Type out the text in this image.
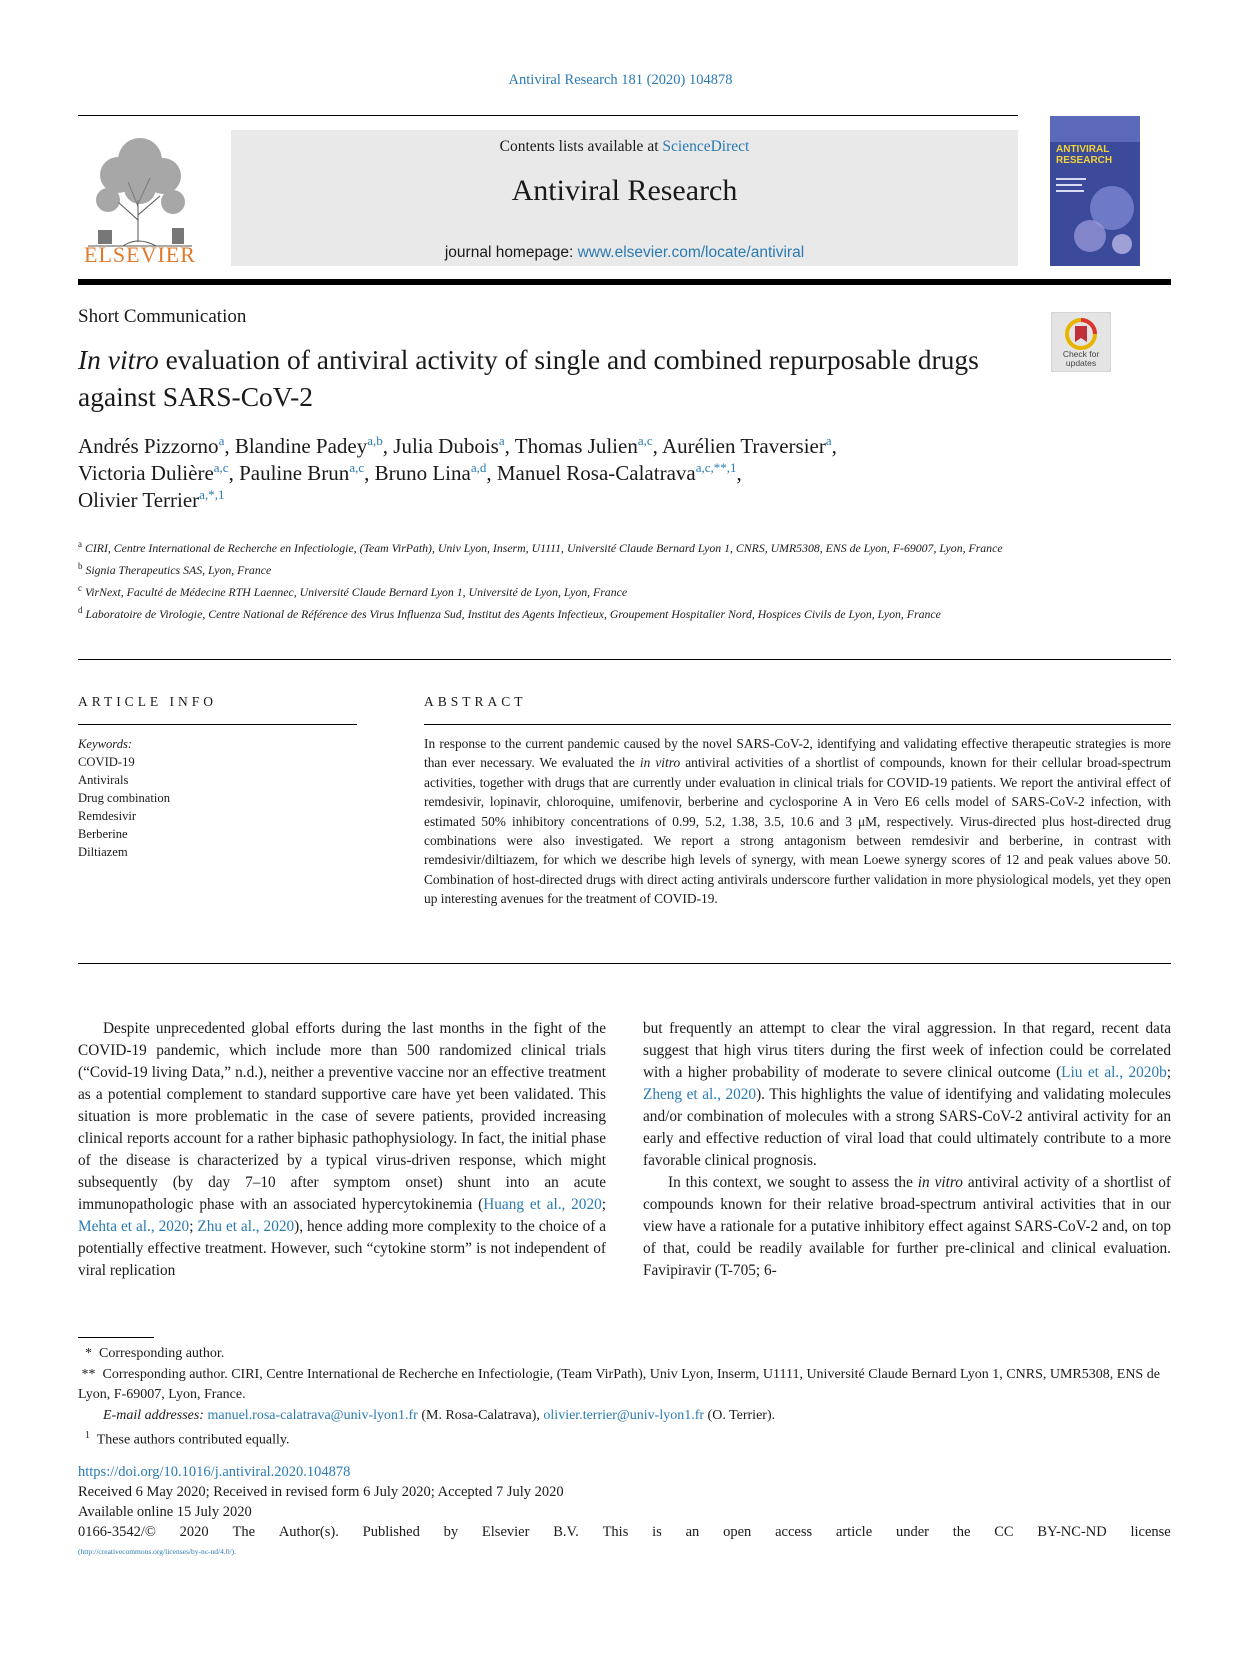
Antiviral Research 181 (2020) 104878
ELSEVIER
Contents lists available at ScienceDirect
Antiviral Research
journal homepage: www.elsevier.com/locate/antiviral
ANTIVIRAL RESEARCH
Short Communication
Check for updates
In vitro evaluation of antiviral activity of single and combined repurposable drugs against SARS-CoV-2
Andrés Pizzorno$^a$, Blandine Padey$^{a,b}$, Julia Dubois$^a$, Thomas Julien$^{a,c}$, Aurélien Traversier$^a$,
Victoria Dulière$^{a,c}$, Pauline Brun$^{a,c}$, Bruno Lina$^{a,d}$, Manuel Rosa-Calatrava$^{a,c,**,1}$,
Olivier Terrier$^{a,*,1}$

$^a$ CIRI, Centre International de Recherche en Infectiologie, (Team VirPath), Univ Lyon, Inserm, U1111, Université Claude Bernard Lyon 1, CNRS, UMR5308, ENS de Lyon, F-69007, Lyon, France

$^b$ Signia Therapeutics SAS, Lyon, France

$^c$ VirNext, Faculté de Médecine RTH Laennec, Université Claude Bernard Lyon 1, Université de Lyon, Lyon, France

$^d$ Laboratoire de Virologie, Centre National de Référence des Virus Influenza Sud, Institut des Agents Infectieux, Groupement Hospitalier Nord, Hospices Civils de Lyon, Lyon, France

ARTICLE INFO

Keywords:

COVID-19

Antivirals

Drug combination

Remdesivir

Berberine

Diltiazem

ABSTRACT
In response to the current pandemic caused by the novel SARS-CoV-2, identifying and validating effective therapeutic strategies is more than ever necessary. We evaluated the in vitro antiviral activities of a shortlist of compounds, known for their cellular broad-spectrum activities, together with drugs that are currently under evaluation in clinical trials for COVID-19 patients. We report the antiviral effect of remdesivir, lopinavir, chloroquine, umifenovir, berberine and cyclosporine A in Vero E6 cells model of SARS-CoV-2 infection, with estimated 50% inhibitory concentrations of 0.99, 5.2, 1.38, 3.5, 10.6 and 3 μM, respectively. Virus-directed plus host-directed drug combinations were also investigated. We report a strong antagonism between remdesivir and berberine, in contrast with remdesivir/diltiazem, for which we describe high levels of synergy, with mean Loewe synergy scores of 12 and peak values above 50. Combination of host-directed drugs with direct acting antivirals underscore further validation in more physiological models, yet they open up interesting avenues for the treatment of COVID-19.

Despite unprecedented global efforts during the last months in the fight of the COVID-19 pandemic, which include more than 500 randomized clinical trials (“Covid-19 living Data,” n.d.), neither a preventive vaccine nor an effective treatment as a potential complement to standard supportive care have yet been validated. This situation is more problematic in the case of severe patients, provided increasing clinical reports account for a rather biphasic pathophysiology. In fact, the initial phase of the disease is characterized by a typical virus-driven response, which might subsequently (by day 7–10 after symptom onset) shunt into an acute immunopathologic phase with an associated hypercytokinemia (Huang et al., 2020; Mehta et al., 2020; Zhu et al., 2020), hence adding more complexity to the choice of a potentially effective treatment. However, such “cytokine storm” is not independent of viral replication

but frequently an attempt to clear the viral aggression. In that regard, recent data suggest that high virus titers during the first week of infection could be correlated with a higher probability of moderate to severe clinical outcome (Liu et al., 2020b; Zheng et al., 2020). This highlights the value of identifying and validating molecules and/or combination of molecules with a strong SARS-CoV-2 antiviral activity for an early and effective reduction of viral load that could ultimately contribute to a more favorable clinical prognosis.

In this context, we sought to assess the in vitro antiviral activity of a shortlist of compounds known for their relative broad-spectrum antiviral activities that in our view have a rationale for a putative inhibitory effect against SARS-CoV-2 and, on top of that, could be readily available for further pre-clinical and clinical evaluation. Favipiravir (T-705; 6-

*  Corresponding author.

**  Corresponding author. CIRI, Centre International de Recherche en Infectiologie, (Team VirPath), Univ Lyon, Inserm, U1111, Université Claude Bernard Lyon 1, CNRS, UMR5308, ENS de Lyon, F-69007, Lyon, France.

E-mail addresses: manuel.rosa-calatrava@univ-lyon1.fr (M. Rosa-Calatrava), olivier.terrier@univ-lyon1.fr (O. Terrier).

$^1$ These authors contributed equally.

https://doi.org/10.1016/j.antiviral.2020.104878

Received 6 May 2020; Received in revised form 6 July 2020; Accepted 7 July 2020

Available online 15 July 2020

0166-3542/© 2020 The Author(s). Published by Elsevier B.V. This is an open access article under the CC BY-NC-ND license

(http://creativecommons.org/licenses/by-nc-nd/4.0/).
